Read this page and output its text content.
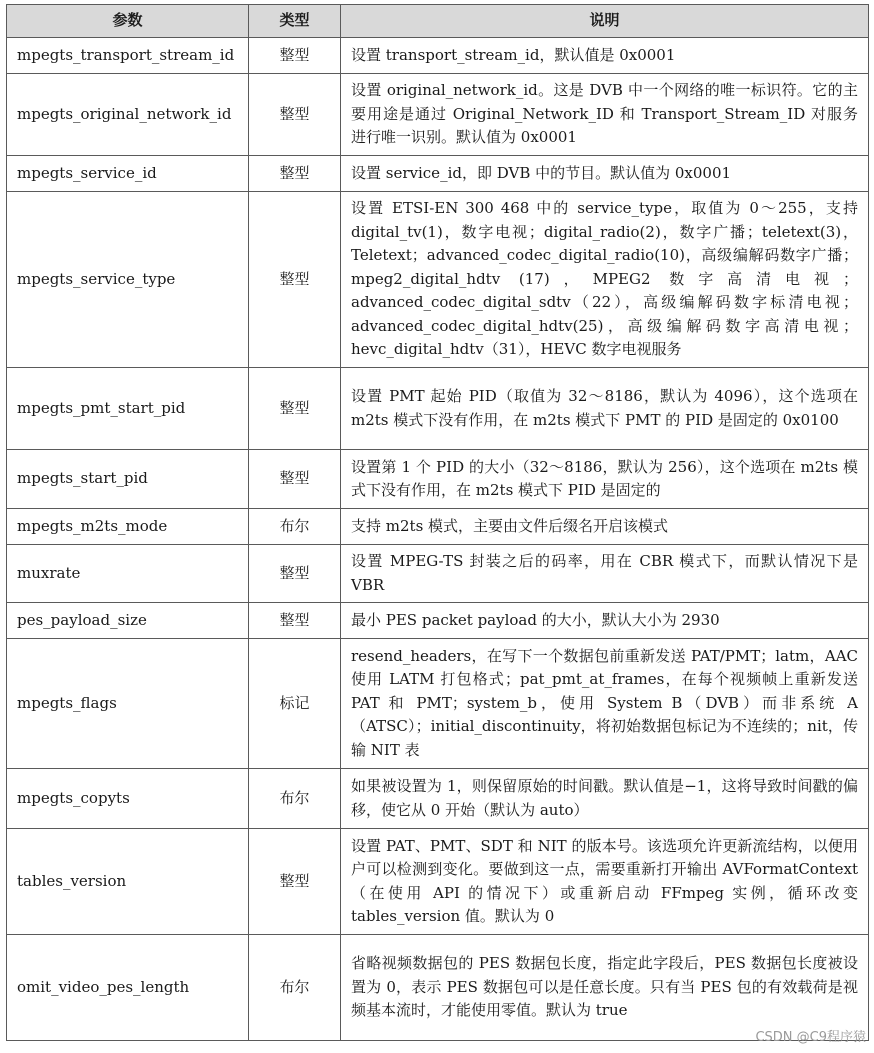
参数	类型	说明
mpegts_transport_stream_id	整型	设置 transport_stream_id，默认值是 0x0001
mpegts_original_network_id	整型	设置 original_network_id。这是 DVB 中一个网络的唯一标识符。它的主要用途是通过 Original_Network_ID 和 Transport_Stream_ID 对服务进行唯一识别。默认值为 0x0001
mpegts_service_id	整型	设置 service_id，即 DVB 中的节目。默认值为 0x0001
mpegts_service_type	整型	设置 ETSI-EN 300 468 中的 service_type，取值为 0～255，支持 digital_tv(1)，数字电视；digital_radio(2)，数字广播；teletext(3)，Teletext；advanced_codec_digital_radio(10)，高级编解码数字广播；mpeg2_digital_hdtv (17)，MPEG2 数字高清电视；advanced_codec_digital_sdtv（22），高级编解码数字标清电视；advanced_codec_digital_hdtv(25)，高级编解码数字高清电视；hevc_digital_hdtv（31），HEVC 数字电视服务
mpegts_pmt_start_pid	整型	设置 PMT 起始 PID（取值为 32～8186，默认为 4096），这个选项在 m2ts 模式下没有作用，在 m2ts 模式下 PMT 的 PID 是固定的 0x0100
mpegts_start_pid	整型	设置第 1 个 PID 的大小（32～8186，默认为 256），这个选项在 m2ts 模式下没有作用，在 m2ts 模式下 PID 是固定的
mpegts_m2ts_mode	布尔	支持 m2ts 模式，主要由文件后缀名开启该模式
muxrate	整型	设置 MPEG-TS 封装之后的码率，用在 CBR 模式下，而默认情况下是 VBR
pes_payload_size	整型	最小 PES packet payload 的大小，默认大小为 2930
mpegts_flags	标记	resend_headers，在写下一个数据包前重新发送 PAT/PMT；latm，AAC 使用 LATM 打包格式；pat_pmt_at_frames，在每个视频帧上重新发送 PAT 和 PMT；system_b，使用 System B（DVB）而非系统 A（ATSC）；initial_discontinuity，将初始数据包标记为不连续的；nit，传输 NIT 表
mpegts_copyts	布尔	如果被设置为 1，则保留原始的时间戳。默认值是−1，这将导致时间戳的偏移，使它从 0 开始（默认为 auto）
tables_version	整型	设置 PAT、PMT、SDT 和 NIT 的版本号。该选项允许更新流结构，以便用户可以检测到变化。要做到这一点，需要重新打开输出 AVFormatContext（在使用 API 的情况下）或重新启动 FFmpeg 实例，循环改变 tables_version 值。默认为 0
omit_video_pes_length	布尔	省略视频数据包的 PES 数据包长度，指定此字段后，PES 数据包长度被设置为 0，表示 PES 数据包可以是任意长度。只有当 PES 包的有效载荷是视频基本流时，才能使用零值。默认为 true
CSDN @C9程序猿
